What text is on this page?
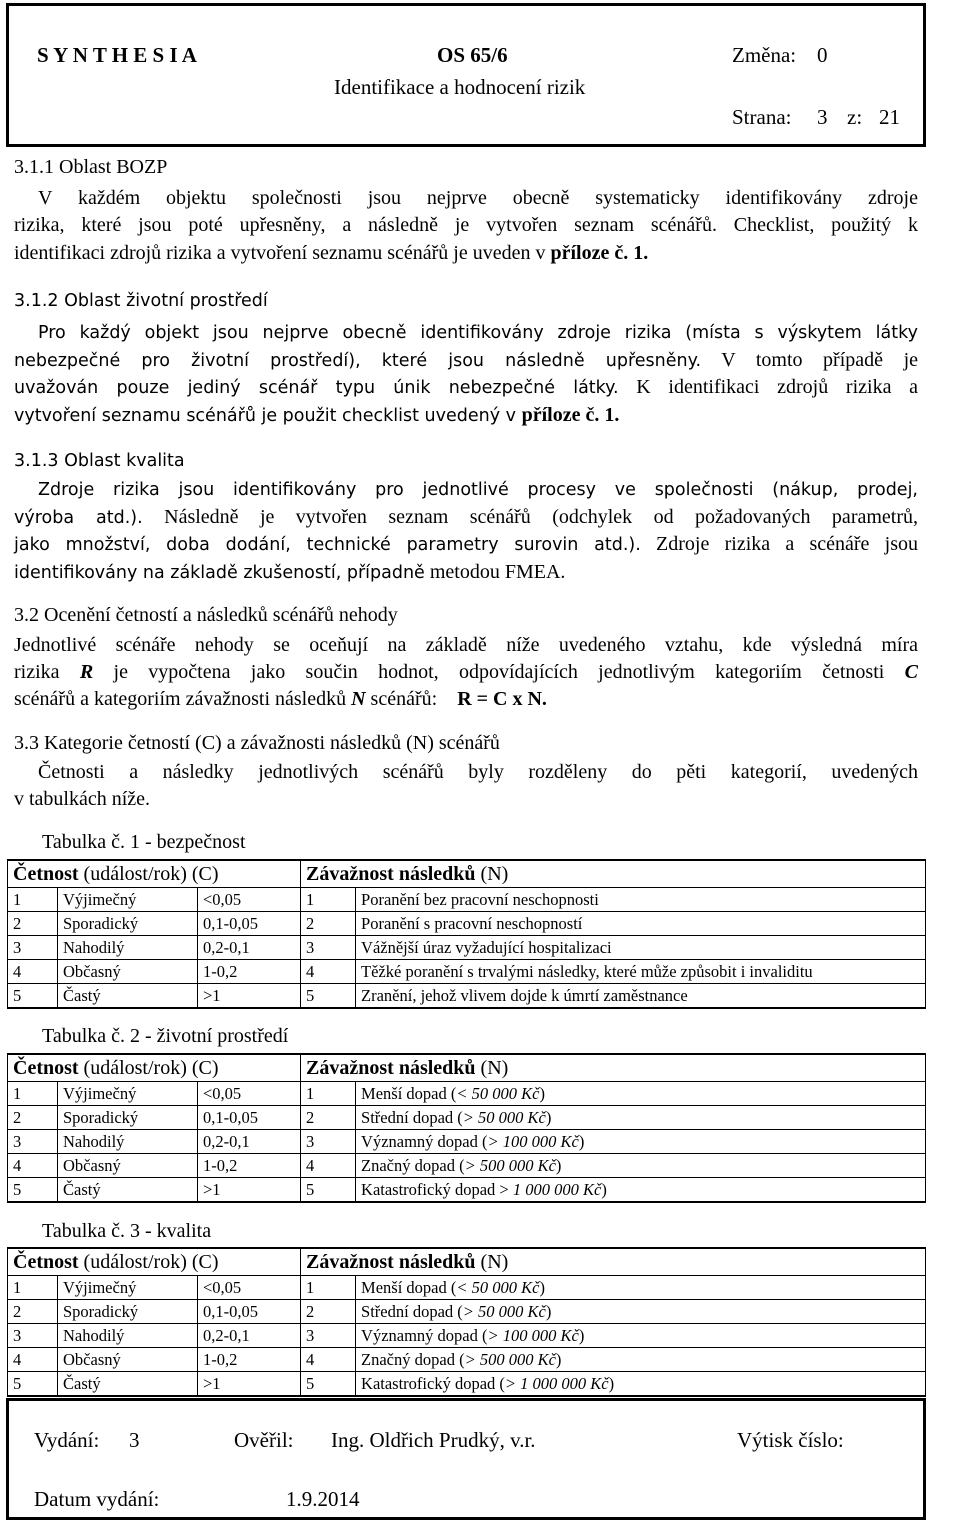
S Y N T H E S I A	OS 65/6
Identifikace a hodnocení rizik
Změna: 0
Strana: 3 z: 21
3.1.1 Oblast BOZP
V každém objektu společnosti jsou nejprve obecně systematicky identifikovány zdroje
rizika, které jsou poté upřesněny, a následně je vytvořen seznam scénářů. Checklist, použitý k
identifikaci zdrojů rizika a vytvoření seznamu scénářů je uveden v příloze č. 1.
3.1.2 Oblast životní prostředí
Pro každý objekt jsou nejprve obecně identifikovány zdroje rizika (místa s výskytem látky
nebezpečné pro životní prostředí), které jsou následně upřesněny. V tomto případě je
uvažován pouze jediný scénář typu únik nebezpečné látky. K identifikaci zdrojů rizika a
vytvoření seznamu scénářů je použit checklist uvedený v příloze č. 1.
3.1.3 Oblast kvalita
Zdroje rizika jsou identifikovány pro jednotlivé procesy ve společnosti (nákup, prodej,
výroba atd.). Následně je vytvořen seznam scénářů (odchylek od požadovaných parametrů,
jako množství, doba dodání, technické parametry surovin atd.). Zdroje rizika a scénáře jsou
identifikovány na základě zkušeností, případně metodou FMEA.
3.2 Ocenění četností a následků scénářů nehody
Jednotlivé scénáře nehody se oceňují na základě níže uvedeného vztahu, kde výsledná míra
rizika R je vypočtena jako součin hodnot, odpovídajících jednotlivým kategoriím četnosti C
scénářů a kategoriím závažnosti následků N scénářů: R = C x N.
3.3 Kategorie četností (C) a závažnosti následků (N) scénářů
Četnosti a následky jednotlivých scénářů byly rozděleny do pěti kategorií, uvedených
v tabulkách níže.
Tabulka č. 1 - bezpečnost
Četnost (událost/rok) (C)			Závažnost následků (N)	
1	Výjimečný	<0,05	1	Poranění bez pracovní neschopnosti
2	Sporadický	0,1-0,05	2	Poranění s pracovní neschopností
3	Nahodilý	0,2-0,1	3	Vážnější úraz vyžadující hospitalizaci
4	Občasný	1-0,2	4	Těžké poranění s trvalými následky, které může způsobit i invaliditu
5	Častý	>1	5	Zranění, jehož vlivem dojde k úmrtí zaměstnance
Tabulka č. 2 - životní prostředí
Četnost (událost/rok) (C)			Závažnost následků (N)	
1	Výjimečný	<0,05	1	Menší dopad (< 50 000 Kč)
2	Sporadický	0,1-0,05	2	Střední dopad (> 50 000 Kč)
3	Nahodilý	0,2-0,1	3	Významný dopad (> 100 000 Kč)
4	Občasný	1-0,2	4	Značný dopad (> 500 000 Kč)
5	Častý	>1	5	Katastrofický dopad > 1 000 000 Kč)
Tabulka č. 3 - kvalita
Četnost (událost/rok) (C)			Závažnost následků (N)	
1	Výjimečný	<0,05	1	Menší dopad (< 50 000 Kč)
2	Sporadický	0,1-0,05	2	Střední dopad (> 50 000 Kč)
3	Nahodilý	0,2-0,1	3	Významný dopad (> 100 000 Kč)
4	Občasný	1-0,2	4	Značný dopad (> 500 000 Kč)
5	Častý	>1	5	Katastrofický dopad (> 1 000 000 Kč)
Vydání: 3	Ověřil: Ing. Oldřich Prudký, v.r.	Výtisk číslo:
Datum vydání:	1.9.2014
